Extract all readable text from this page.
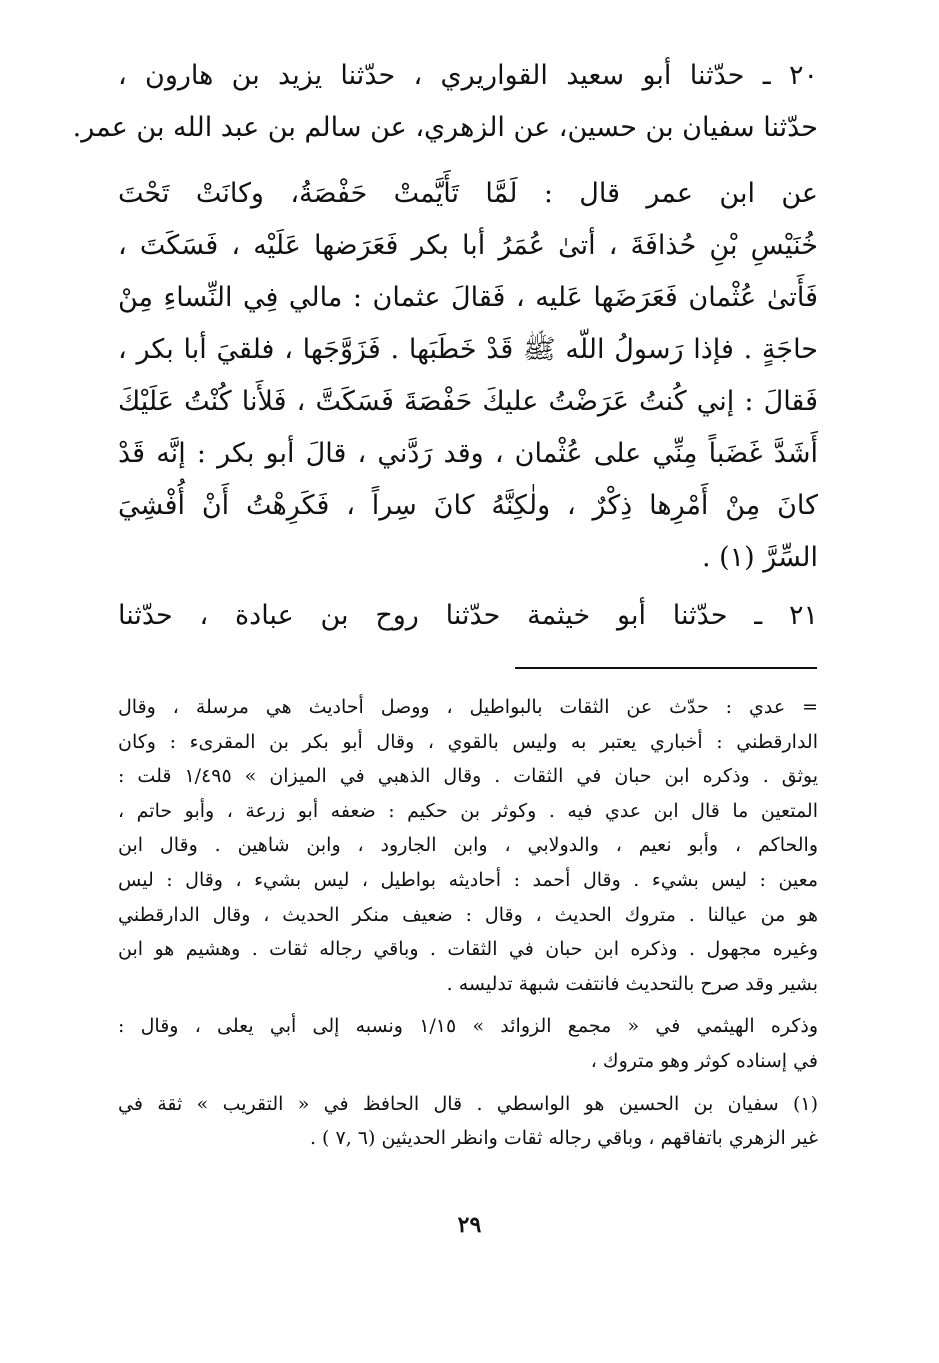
٢٠ ـ حدّثنا أبو سعيد القواريري ، حدّثنا يزيد بن هارون ،
حدّثنا سفيان بن حسين، عن الزهري، عن سالم بن عبد الله بن عمر.
عن ابن عمر قال : لَمَّا تَأَيَّمتْ حَفْصَةُ، وكانَتْ تَحْتَ
خُنَيْسِ بْنِ حُذافَةَ ، أتىٰ عُمَرُ أبا بكر فَعَرَضها عَلَيْه ، فَسَكَتَ ،
فَأَتىٰ عُثْمان فَعَرَضَها عَليه ، فَقالَ عثمان : مالي فِي النِّساءِ مِنْ
حاجَةٍ . فإذا رَسولُ اللّه ﷺ قَدْ خَطَبَها . فَزَوَّجَها ، فلقيَ أبا بكر ،
فَقالَ : إني كُنتُ عَرَضْتُ عليكَ حَفْصَةَ فَسَكَتَّ ، فَلأَنا كُنْتُ عَلَيْكَ
أَشَدَّ غَضَباً مِنِّي على عُثْمان ، وقد رَدَّني ، قالَ أبو بكر : إنَّه قَدْ
كانَ مِنْ أَمْرِها ذِكْرٌ ، ولٰكِنَّهُ كانَ سِراً ، فَكَرِهْتُ أَنْ أُفْشِيَ
السِّرَّ (١) .
٢١ ـ حدّثنا أبو خيثمة حدّثنا روح بن عبادة ، حدّثنا
= عدي : حدّث عن الثقات بالبواطيل ، ووصل أحاديث هي مرسلة ، وقال
الدارقطني : أخباري يعتبر به وليس بالقوي ، وقال أبو بكر بن المقرىء : وكان
يوثق . وذكره ابن حبان في الثقات . وقال الذهبي في الميزان » ١/٤٩٥ قلت :
المتعين ما قال ابن عدي فيه . وكوثر بن حكيم : ضعفه أبو زرعة ، وأبو حاتم ،
والحاكم ، وأبو نعيم ، والدولابي ، وابن الجارود ، وابن شاهين . وقال ابن
معين : ليس بشيء . وقال أحمد : أحاديثه بواطيل ، ليس بشيء ، وقال : ليس
هو من عيالنا . متروك الحديث ، وقال : ضعيف منكر الحديث ، وقال الدارقطني
وغيره مجهول . وذكره ابن حبان في الثقات . وباقي رجاله ثقات . وهشيم هو ابن
بشير وقد صرح بالتحديث فانتفت شبهة تدليسه .
وذكره الهيثمي في « مجمع الزوائد » ١/١٥ ونسبه إلى أبي يعلى ، وقال :
في إسناده كوثر وهو متروك ،
(١) سفيان بن الحسين هو الواسطي . قال الحافظ في « التقريب » ثقة في
غير الزهري باتفاقهم ، وباقي رجاله ثقات وانظر الحديثين (٦ ,٧ ) .
٢٩
